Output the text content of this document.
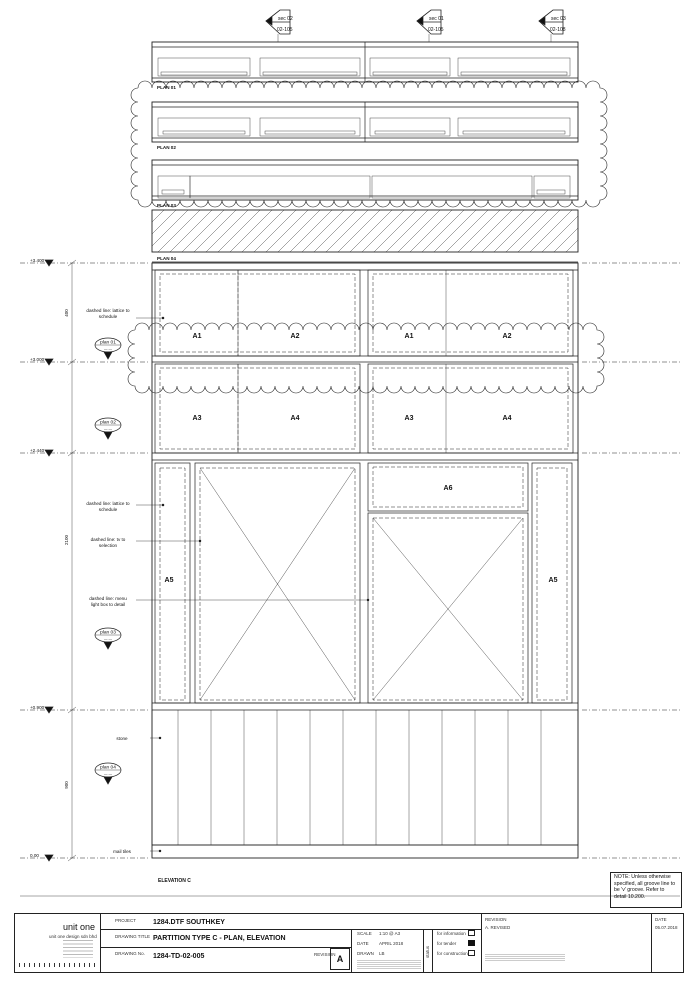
sec 02
02-105
sec 01
02-105
sec 03
02-108
PLAN 01
PLAN 02
PLAN 03
PLAN 04
+3.400
+3.000
+2.440
+0.900
0.00
400
2100
900
A1	A2	A1	A2
A3	A4	A3	A4
A5	A5
A6
dashed line: lattice to
schedule
dashed line: lattice to
schedule
dashed line: tv to
selection
dashed line: menu
light box to detail
stone
mail tiles
plan 01
— —
plan 02
— —
plan 03
— —
plan 04
— —
ELEVATION C
NOTE: Unless otherwise specified, all groove line to be 'v' groove. Refer to detail 10.200.
unit one
unit one design sdn bhd
PROJECT 1284.DTF SOUTHKEY
DRAWING TITLE PARTITION TYPE C - PLAN, ELEVATION
DRAWING No. 1284-TD-02-005	REVISION A
SCALE 1:10 @ A3
DATE APRIL 2018
DRAWN LB	status
for information
for tender
for construction
REVISION
A. REVISED
DATE
05.07.2018
